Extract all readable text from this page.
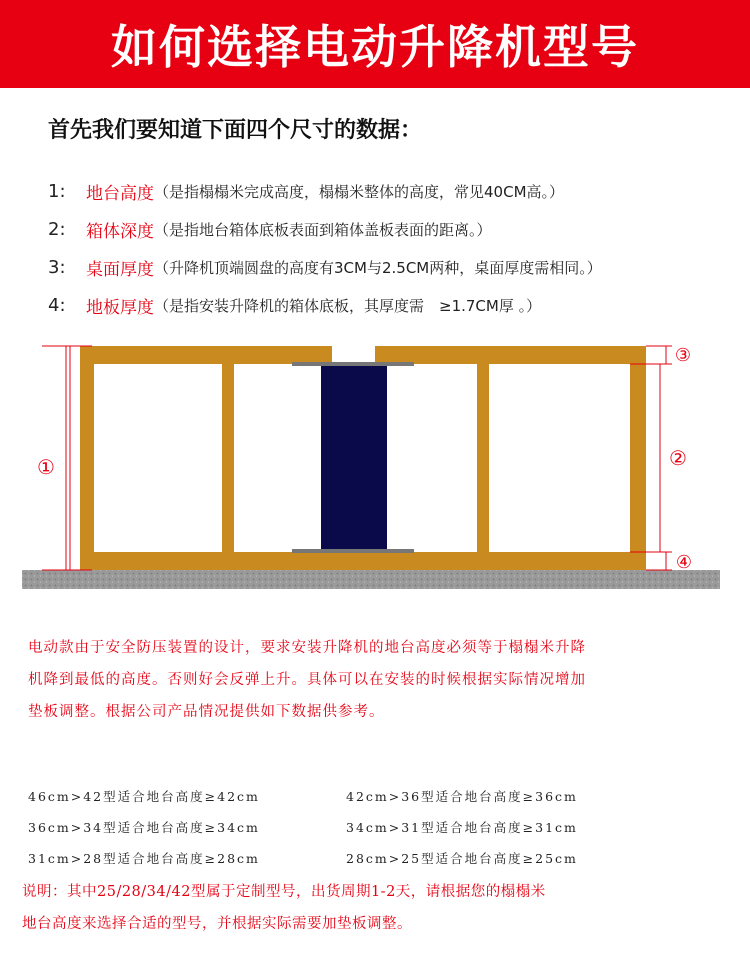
如何选择电动升降机型号
首先我们要知道下面四个尺寸的数据：
1:	地台高度 （是指榻榻米完成高度，榻榻米整体的高度，常见40CM高。）
2:	箱体深度 （是指地台箱体底板表面到箱体盖板表面的距离。）
3:	桌面厚度 （升降机顶端圆盘的高度有3CM与2.5CM两种，桌面厚度需相同。）
4:	地板厚度 （是指安装升降机的箱体底板，其厚度需　≥1.7CM厚 。）
①	②
③
④
电动款由于安全防压装置的设计，要求安装升降机的地台高度必须等于榻榻米升降
机降到最低的高度。否则好会反弹上升。具体可以在安装的时候根据实际情况增加
垫板调整。根据公司产品情况提供如下数据供参考。
46cm>42型适合地台高度≥42cm	42cm>36型适合地台高度≥36cm
36cm>34型适合地台高度≥34cm	34cm>31型适合地台高度≥31cm
31cm>28型适合地台高度≥28cm	28cm>25型适合地台高度≥25cm
说明：其中25/28/34/42型属于定制型号，出货周期1-2天，请根据您的榻榻米
地台高度来选择合适的型号，并根据实际需要加垫板调整。
